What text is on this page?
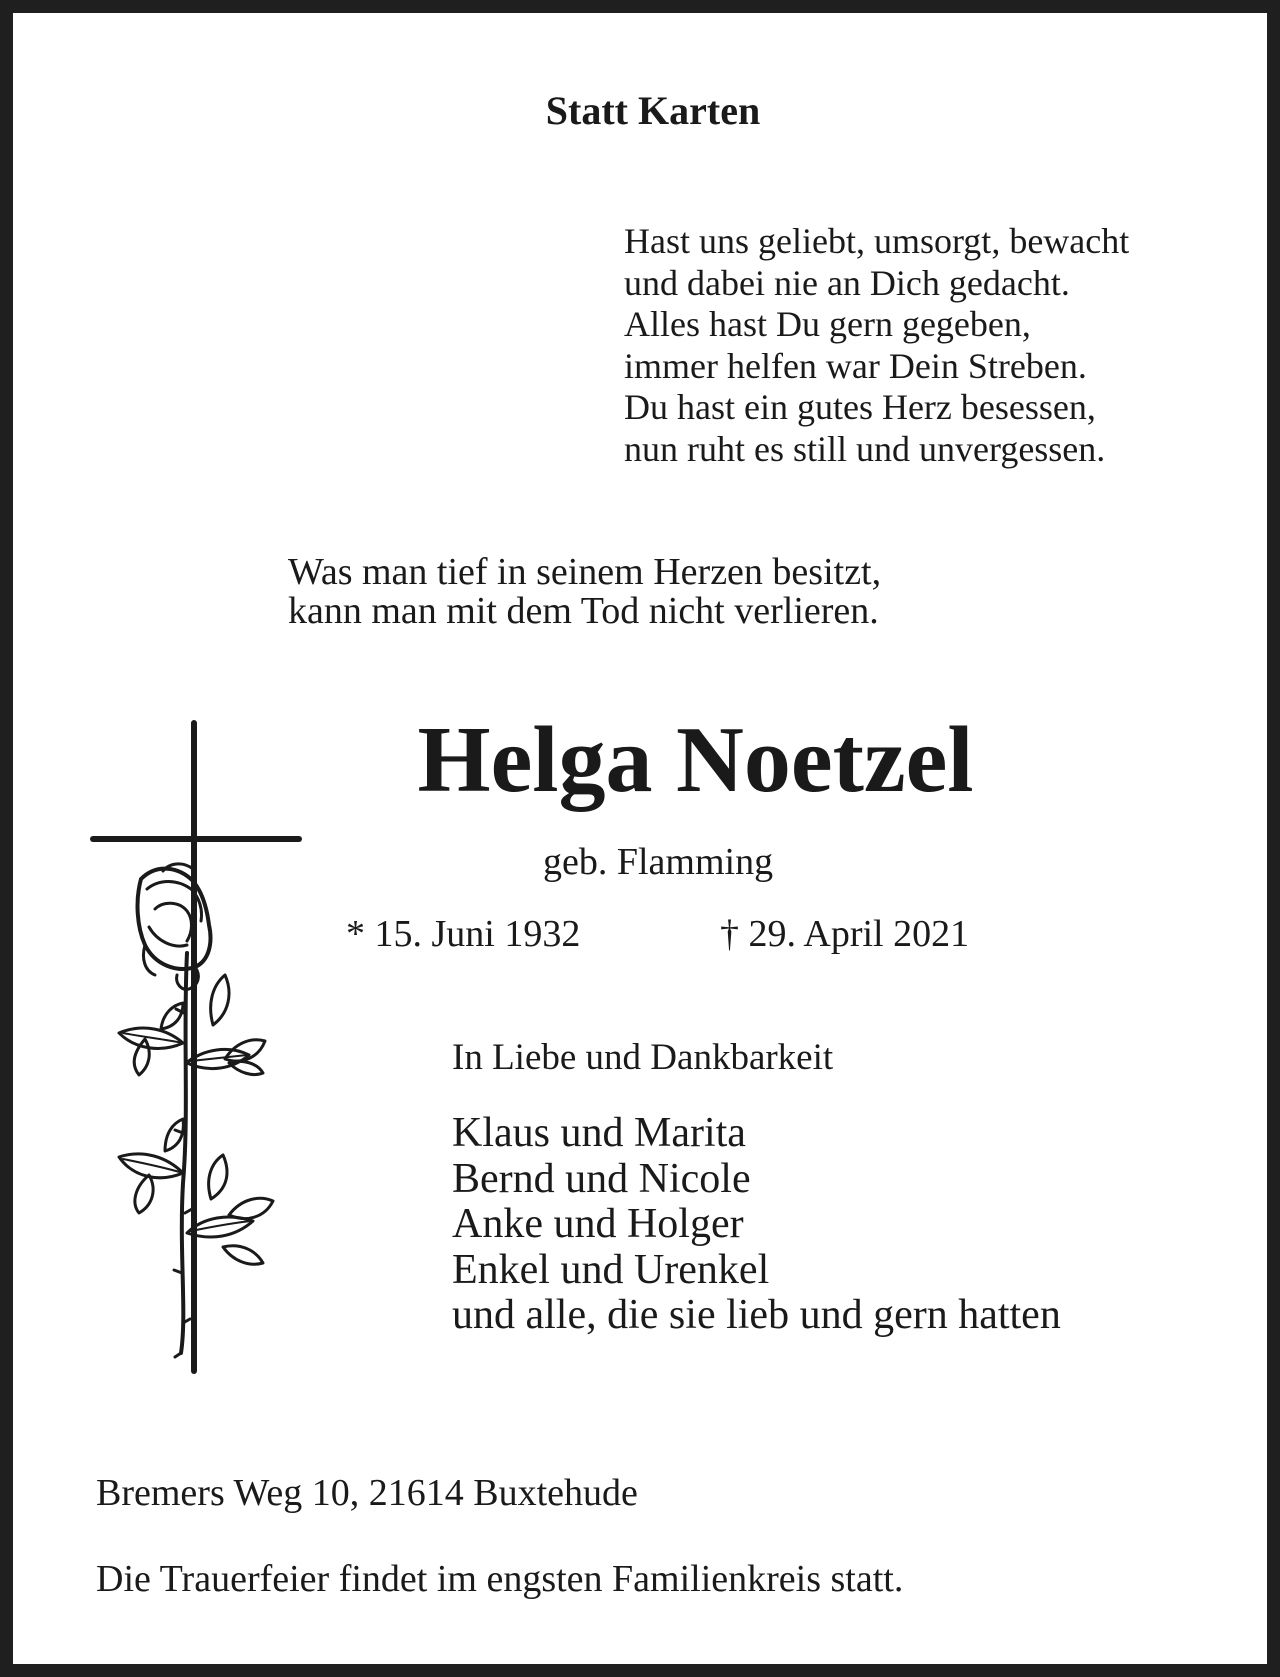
Statt Karten
Hast uns geliebt, umsorgt, bewacht
und dabei nie an Dich gedacht.
Alles hast Du gern gegeben,
immer helfen war Dein Streben.
Du hast ein gutes Herz besessen,
nun ruht es still und unvergessen.
Was man tief in seinem Herzen besitzt,
kann man mit dem Tod nicht verlieren.
Helga Noetzel
geb. Flamming
* 15. Juni 1932	† 29. April 2021
In Liebe und Dankbarkeit
Klaus und Marita
Bernd und Nicole
Anke und Holger
Enkel und Urenkel
und alle, die sie lieb und gern hatten
Bremers Weg 10, 21614 Buxtehude
Die Trauerfeier findet im engsten Familienkreis statt.
